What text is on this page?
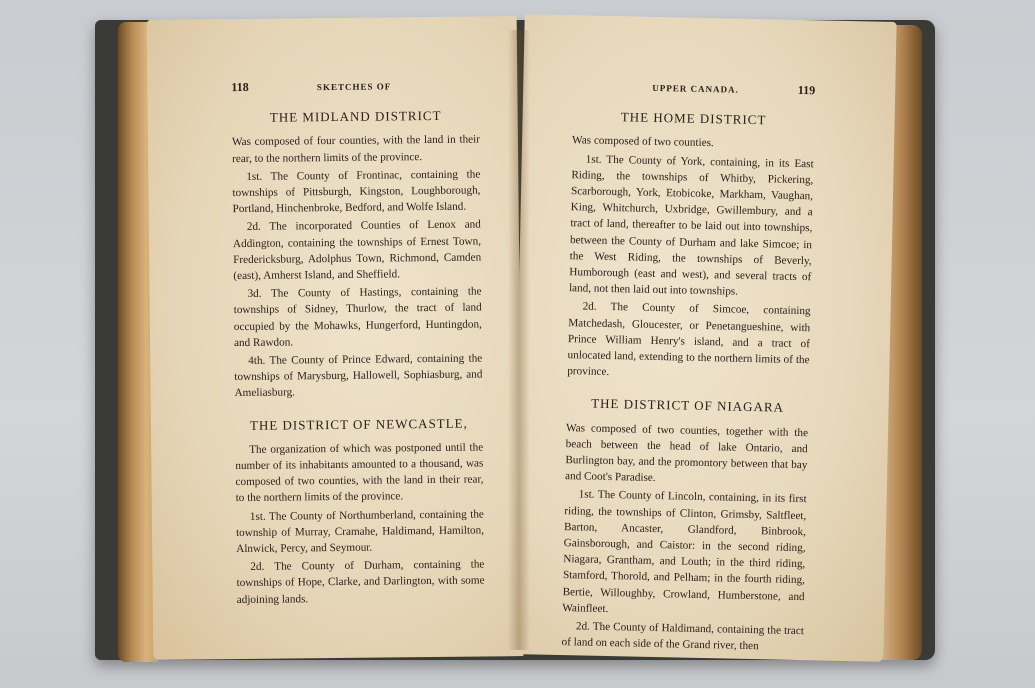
118	SKETCHES OF
THE MIDLAND DISTRICT

Was composed of four counties, with the land in their rear, to the northern limits of the province.

1st. The County of Frontinac, containing the townships of Pittsburgh, Kingston, Loughborough, Portland, Hinchenbroke, Bedford, and Wolfe Island.

2d. The incorporated Counties of Lenox and Addington, containing the townships of Ernest Town, Fredericksburg, Adolphus Town, Richmond, Camden (east), Amherst Island, and Sheffield.

3d. The County of Hastings, containing the townships of Sidney, Thurlow, the tract of land occupied by the Mohawks, Hungerford, Huntingdon, and Rawdon.

4th. The County of Prince Edward, containing the townships of Marysburg, Hallowell, Sophiasburg, and Ameliasburg.

THE DISTRICT OF NEWCASTLE,

The organization of which was postponed until the number of its inhabitants amounted to a thousand, was composed of two counties, with the land in their rear, to the northern limits of the province.

1st. The County of Northumberland, containing the township of Murray, Cramahe, Haldimand, Hamilton, Alnwick, Percy, and Seymour.

2d. The County of Durham, containing the townships of Hope, Clarke, and Darlington, with some adjoining lands.

UPPER CANADA.	119
THE HOME DISTRICT

Was composed of two counties.

1st. The County of York, containing, in its East Riding, the townships of Whitby, Pickering, Scarborough, York, Etobicoke, Markham, Vaughan, King, Whitchurch, Uxbridge, Gwillembury, and a tract of land, thereafter to be laid out into townships, between the County of Durham and lake Simcoe; in the West Riding, the townships of Beverly, Humborough (east and west), and several tracts of land, not then laid out into townships.

2d. The County of Simcoe, containing Matchedash, Gloucester, or Penetangueshine, with Prince William Henry's island, and a tract of unlocated land, extending to the northern limits of the province.

THE DISTRICT OF NIAGARA

Was composed of two counties, together with the beach between the head of lake Ontario, and Burlington bay, and the promontory between that bay and Coot's Paradise.

1st. The County of Lincoln, containing, in its first riding, the townships of Clinton, Grimsby, Saltfleet, Barton, Ancaster, Glandford, Binbrook, Gainsborough, and Caistor: in the second riding, Niagara, Grantham, and Louth; in the third riding, Stamford, Thorold, and Pelham; in the fourth riding, Bertie, Willoughby, Crowland, Humberstone, and Wainfleet.

2d. The County of Haldimand, containing the tract of land on each side of the Grand river, then
